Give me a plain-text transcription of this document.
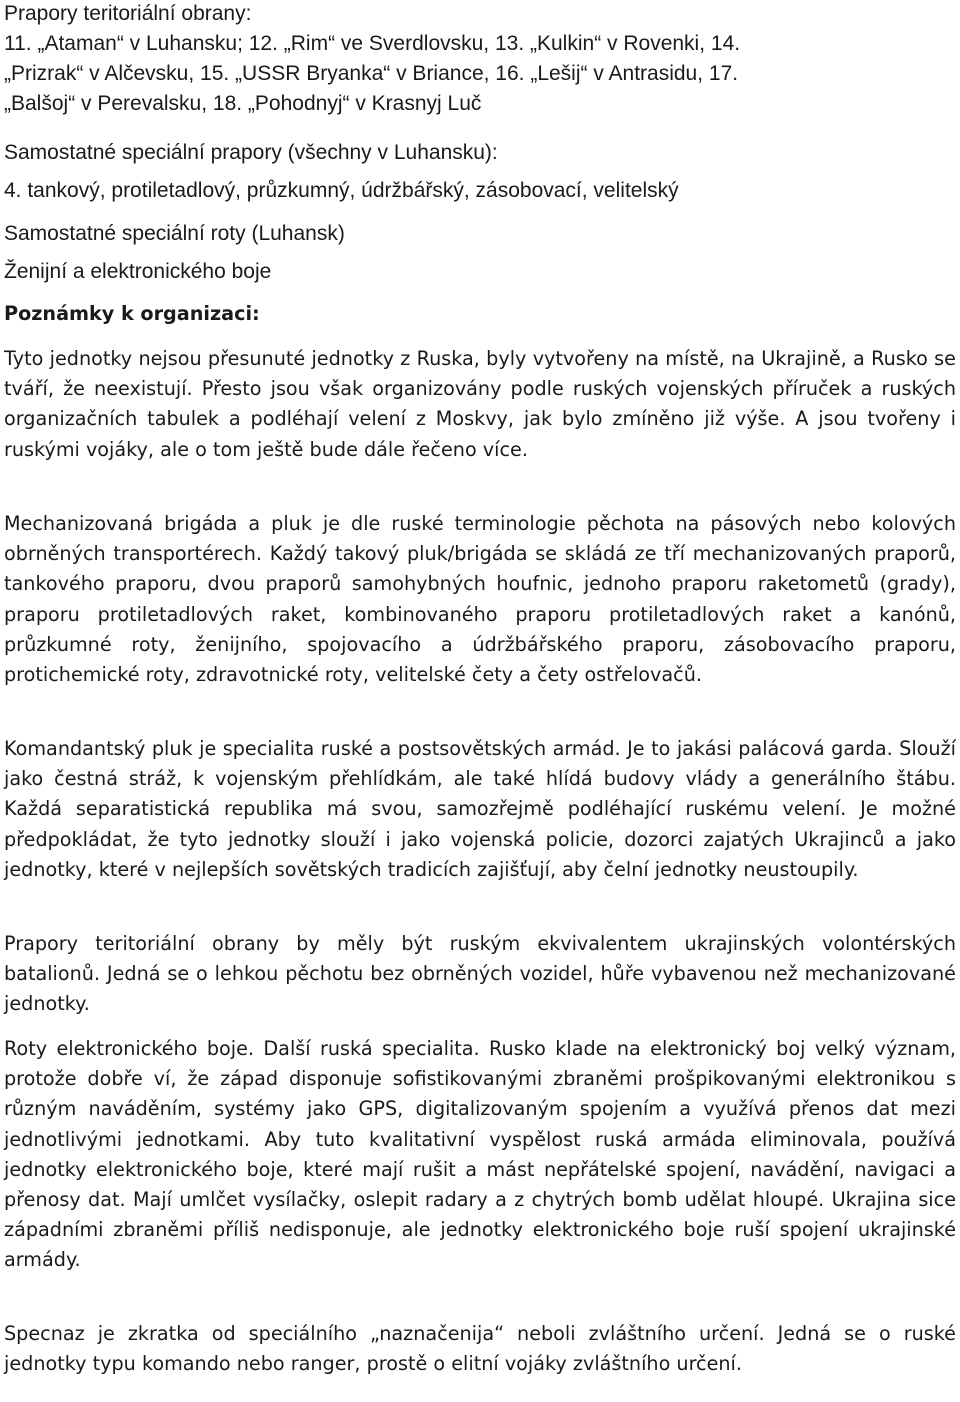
Prapory teritoriální obrany:

11. „Ataman“ v Luhansku; 12. „Rim“ ve Sverdlovsku, 13. „Kulkin“ v Rovenki, 14.
„Prizrak“ v Alčevsku, 15. „USSR Bryanka“ v Briance, 16. „Lešij“ v Antrasidu, 17.
„Balšoj“ v Perevalsku, 18. „Pohodnyj“ v Krasnyj Luč

Samostatné speciální prapory (všechny v Luhansku):

4. tankový, protiletadlový, průzkumný, údržbářský, zásobovací, velitelský

Samostatné speciální roty (Luhansk)

Ženijní a elektronického boje

Poznámky k organizaci:

Tyto jednotky nejsou přesunuté jednotky z Ruska, byly vytvořeny na místě, na Ukrajině, a Rusko se tváří, že neexistují. Přesto jsou však organizovány podle ruských vojenských příruček a ruských organizačních tabulek a podléhají velení z Moskvy, jak bylo zmíněno již výše. A jsou tvořeny i ruskými vojáky, ale o tom ještě bude dále řečeno více.

Mechanizovaná brigáda a pluk je dle ruské terminologie pěchota na pásových nebo kolových obrněných transportérech. Každý takový pluk/brigáda se skládá ze tří mechanizovaných praporů, tankového praporu, dvou praporů samohybných houfnic, jednoho praporu raketometů (grady), praporu protiletadlových raket, kombinovaného praporu protiletadlových raket a kanónů, průzkumné roty, ženijního, spojovacího a údržbářského praporu, zásobovacího praporu, protichemické roty, zdravotnické roty, velitelské čety a čety ostřelovačů.

Komandantský pluk je specialita ruské a postsovětských armád. Je to jakási palácová garda. Slouží jako čestná stráž, k vojenským přehlídkám, ale také hlídá budovy vlády a generálního štábu. Každá separatistická republika má svou, samozřejmě podléhající ruskému velení. Je možné předpokládat, že tyto jednotky slouží i jako vojenská policie, dozorci zajatých Ukrajinců a jako jednotky, které v nejlepších sovětských tradicích zajišťují, aby čelní jednotky neustoupily.

Prapory teritoriální obrany by měly být ruským ekvivalentem ukrajinských volontérských batalionů. Jedná se o lehkou pěchotu bez obrněných vozidel, hůře vybavenou než mechanizované jednotky.

Roty elektronického boje. Další ruská specialita. Rusko klade na elektronický boj velký význam, protože dobře ví, že západ disponuje sofistikovanými zbraněmi prošpikovanými elektronikou s různým naváděním, systémy jako GPS, digitalizovaným spojením a využívá přenos dat mezi jednotlivými jednotkami. Aby tuto kvalitativní vyspělost ruská armáda eliminovala, používá jednotky elektronického boje, které mají rušit a mást nepřátelské spojení, navádění, navigaci a přenosy dat. Mají umlčet vysílačky, oslepit radary a z chytrých bomb udělat hloupé. Ukrajina sice západními zbraněmi příliš nedisponuje, ale jednotky elektronického boje ruší spojení ukrajinské armády.

Specnaz je zkratka od speciálního „naznačenija“ neboli zvláštního určení. Jedná se o ruské jednotky typu komando nebo ranger, prostě o elitní vojáky zvláštního určení.
